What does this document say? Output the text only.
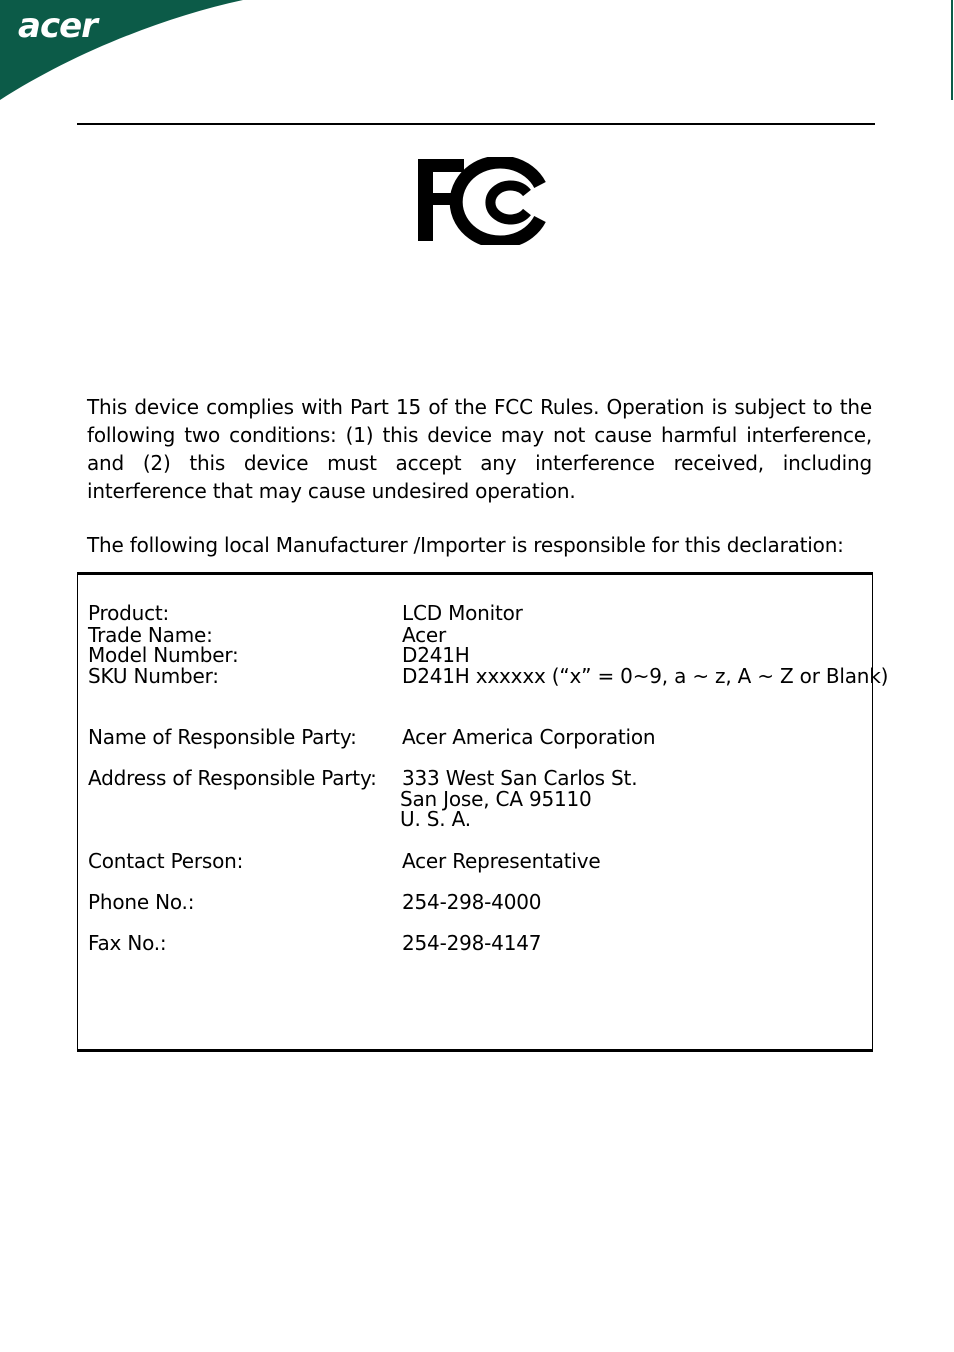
acer
This device complies with Part 15 of the FCC Rules. Operation is subject to the following two conditions: (1) this device may not cause harmful interference, and (2) this device must accept any interference received, including interference that may cause undesired operation.
The following local Manufacturer /Importer is responsible for this declaration:
Product:	LCD Monitor
Trade Name:	Acer
Model Number:	D241H
SKU Number:	D241H xxxxxx (“x” = 0~9, a ~ z, A ~ Z or Blank)
Name of Responsible Party: Acer America Corporation
Address of Responsible Party: 333 West San Carlos St.
San Jose, CA 95110
U. S. A.
Contact Person:	Acer Representative
Phone No.:	254-298-4000
Fax No.:	254-298-4147
